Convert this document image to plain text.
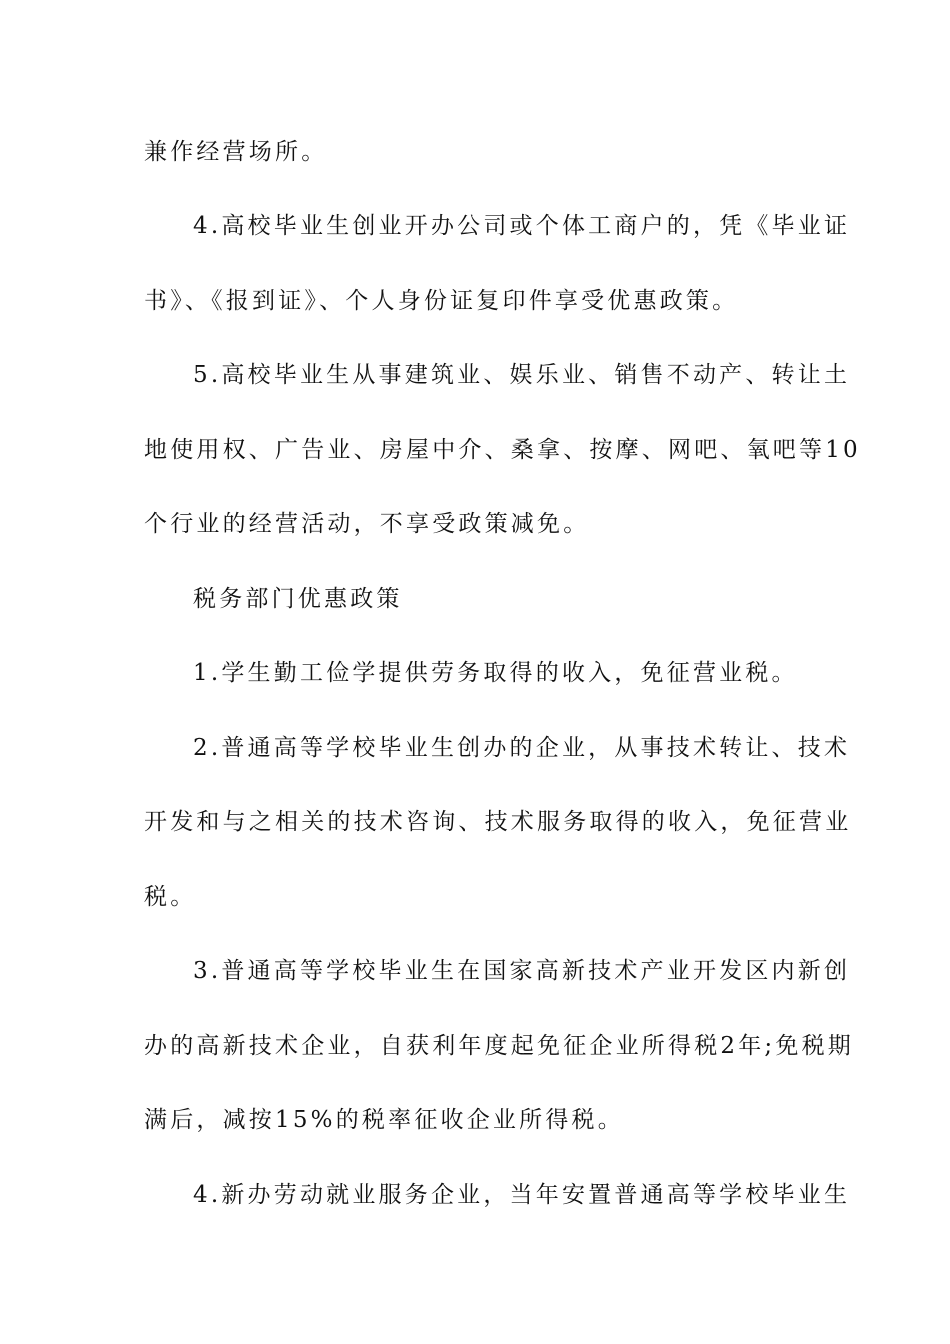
兼作经营场所。
4.高校毕业生创业开办公司或个体工商户的，凭《毕业证
书》、《报到证》、个人身份证复印件享受优惠政策。
5.高校毕业生从事建筑业、娱乐业、销售不动产、转让土
地使用权、广告业、房屋中介、桑拿、按摩、网吧、氧吧等10
个行业的经营活动，不享受政策减免。
税务部门优惠政策
1.学生勤工俭学提供劳务取得的收入，免征营业税。
2.普通高等学校毕业生创办的企业，从事技术转让、技术
开发和与之相关的技术咨询、技术服务取得的收入，免征营业
税。
3.普通高等学校毕业生在国家高新技术产业开发区内新创
办的高新技术企业，自获利年度起免征企业所得税2年;免税期
满后，减按15%的税率征收企业所得税。
4.新办劳动就业服务企业，当年安置普通高等学校毕业生
